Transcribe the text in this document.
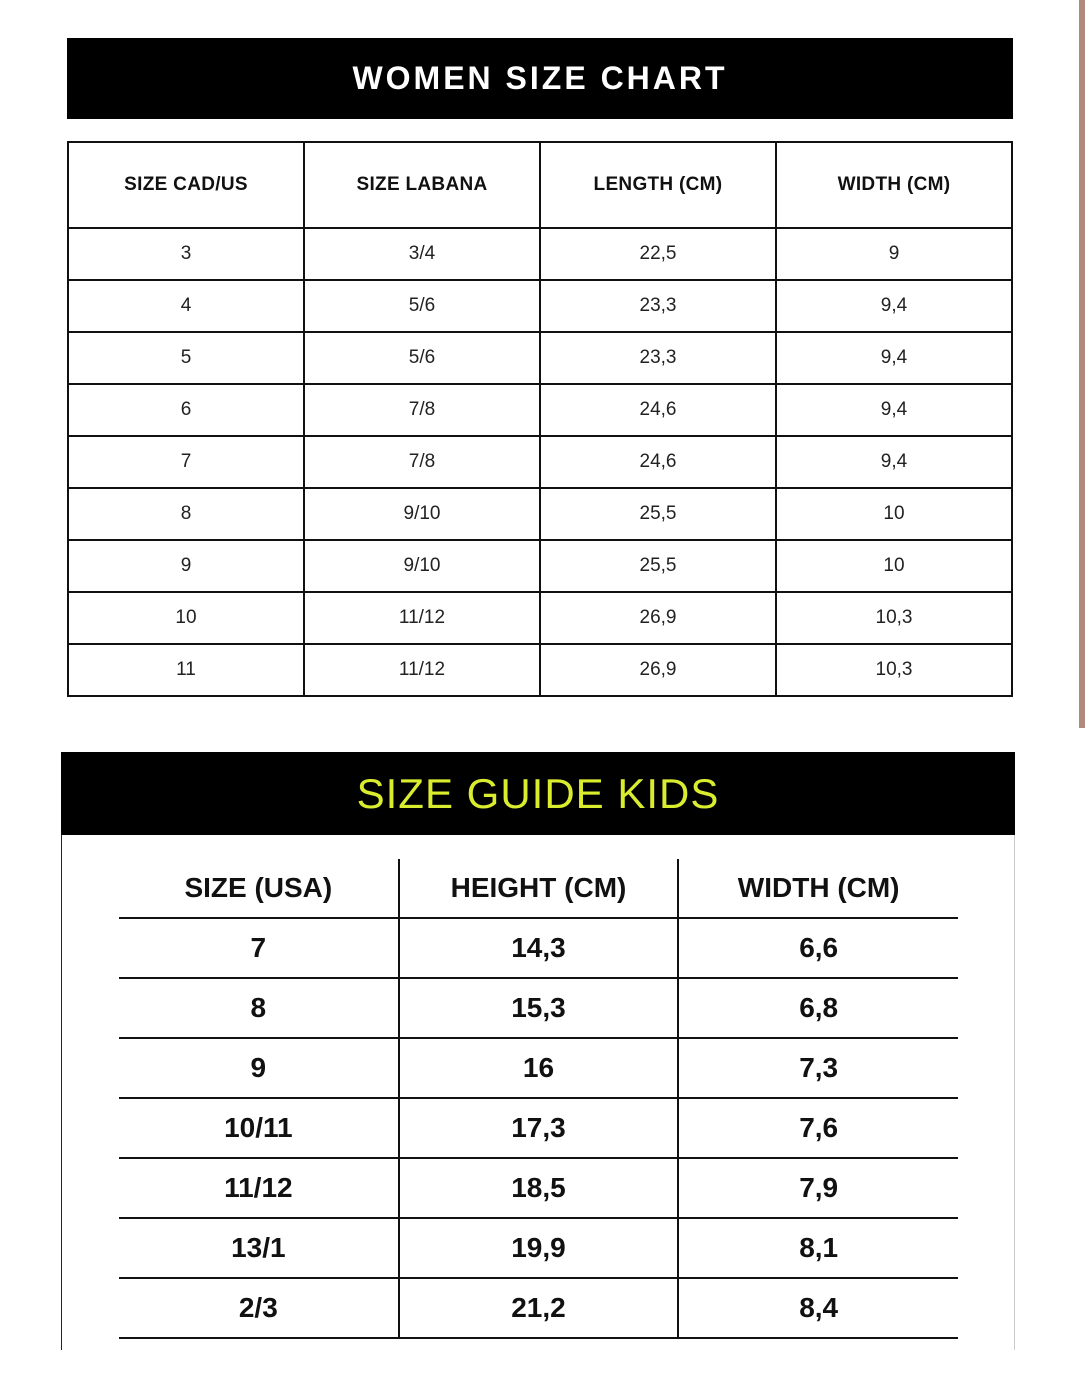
WOMEN SIZE CHART
SIZE CAD/US	SIZE LABANA	LENGTH (CM)	WIDTH (CM)
3	3/4	22,5	9
4	5/6	23,3	9,4
5	5/6	23,3	9,4
6	7/8	24,6	9,4
7	7/8	24,6	9,4
8	9/10	25,5	10
9	9/10	25,5	10
10	11/12	26,9	10,3
11	11/12	26,9	10,3
SIZE GUIDE KIDS
SIZE (USA)	HEIGHT (CM)	WIDTH (CM)
7	14,3	6,6
8	15,3	6,8
9	16	7,3
10/11	17,3	7,6
11/12	18,5	7,9
13/1	19,9	8,1
2/3	21,2	8,4
